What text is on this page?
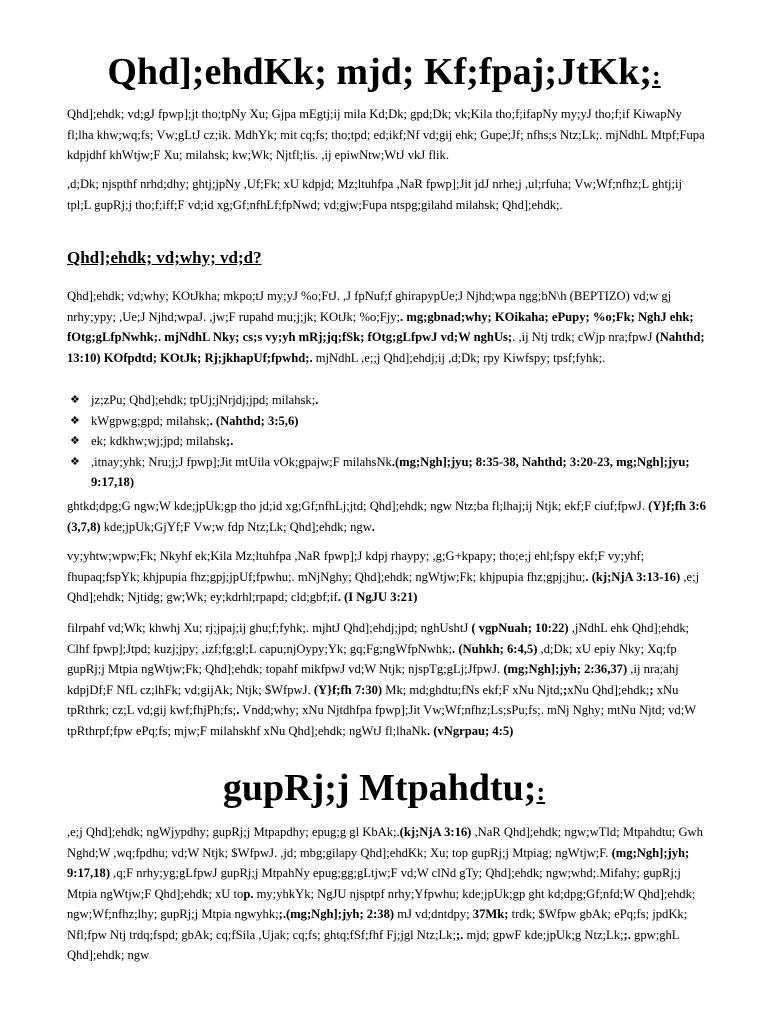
Qhd];ehdKk; mjd; Kf;fpaj;JtKk;:

Qhd];ehdk; vd;gJ fpwp];jt tho;tpNy Xu; Gjpa mEgtj;ij mila Kd;Dk; gpd;Dk; vk;Kila tho;f;ifapNy my;yJ tho;f;if KiwapNy fl;lha khw;wq;fs; Vw;gLtJ cz;ik. MdhYk; mit cq;fs; tho;tpd; ed;ikf;Nf vd;gij ehk; Gupe;Jf; nfhs;s Ntz;Lk;. mjNdhL Mtpf;Fupa kdpjdhf khWtjw;F Xu; milahsk; kw;Wk; Njtfl;lis. ,ij epiwNtw;WtJ vkJ flik.

,d;Dk; njspthf nrhd;dhy; ghtj;jpNy ,Uf;Fk; xU kdpjd; Mz;ltuhfpa ,NaR fpwp];Jit jdJ nrhe;j ,ul;rfuha; Vw;Wf;nfhz;L ghtj;ij tpl;L gupRj;j tho;f;iff;F vd;id xg;Gf;nfhLf;fpNwd; vd;gjw;Fupa ntspg;gilahd milahsk; Qhd];ehdk;.

Qhd];ehdk; vd;why; vd;d?

Qhd];ehdk; vd;why; KOtJkha; mkpo;tJ my;yJ %o;FtJ. ,J fpNuf;f ghirapypUe;J Njhd;wpa ngg;bN\h (BEPTIZO) vd;w gj nrhy;ypy; ,Ue;J Njhd;wpaJ. ,jw;F rupahd mu;j;jk; KOtJk; %o;Fjy;. mg;gbnad;why; KOikaha; ePupy; %o;Fk; NghJ ehk; fOtg;gLfpNwhk;. mjNdhL Nky; cs;s vy;yh mRj;jq;fSk; fOtg;gLfpwJ vd;W nghUs;. ,ij Ntj trdk; cWjp nra;fpwJ (Nahthd; 13:10) KOfpdtd; KOtJk; Rj;jkhapUf;fpwhd;. mjNdhL ,e;;j Qhd];ehdj;ij ,d;Dk; rpy Kiwfspy; tpsf;fyhk;.

❖ jz;zPu; Qhd];ehdk; tpUj;jNrjdj;jpd; milahsk;.
❖ kWgpwg;gpd; milahsk;. (Nahthd; 3:5,6)
❖ ek; kdkhw;wj;jpd; milahsk;.
❖ ,itnay;yhk; Nru;j;J fpwp];Jit mtUila vOk;gpajw;F milahsNk.(mg;Ngh];jyu; 8:35-38, Nahthd; 3:20-23, mg;Ngh];jyu; 9:17,18)

ghtkd;dpg;G ngw;W kde;jpUk;gp tho jd;id xg;Gf;nfhLj;jtd; Qhd];ehdk; ngw Ntz;ba fl;lhaj;ij Ntjk; ekf;F ciuf;fpwJ. (Y}f;fh 3:6 (3,7,8) kde;jpUk;GjYf;F Vw;w fdp Ntz;Lk; Qhd];ehdk; ngw.

vy;yhtw;wpw;Fk; Nkyhf ek;Kila Mz;ltuhfpa ,NaR fpwp];J kdpj rhaypy; ,g;G+kpapy; tho;e;j ehl;fspy ekf;F vy;yhf; fhupaq;fspYk; khjpupia fhz;gpj;jpUf;fpwhu;. mNjNghy; Qhd];ehdk; ngWtjw;Fk; khjpupia fhz;gpj;jhu;. (kj;NjA 3:13-16) ,e;j Qhd];ehdk; Njtidg; gw;Wk; ey;kdrhl;rpapd; cld;gbf;if. (I NgJU 3:21)

filrpahf vd;Wk; khwhj Xu; rj;jpaj;ij ghu;f;fyhk;. mjhtJ Qhd];ehdj;jpd; nghUshtJ ( vgpNuah; 10:22) ,jNdhL ehk Qhd];ehdk; Clhf fpwp];Jtpd; kuzj;jpy; ,izf;fg;gl;L capu;njOypy;Yk; gq;Fg;ngWfpNwhk;. (Nuhkh; 6:4,5) ,d;Dk; xU epiy Nky; Xq;fp gupRj;j Mtpia ngWtjw;Fk; Qhd];ehdk; topahf mikfpwJ vd;W Ntjk; njspTg;gLj;JfpwJ. (mg;Ngh];jyh; 2:36,37) ,ij nra;ahj kdpjDf;F NfL cz;lhFk; vd;gijAk; Ntjk; $WfpwJ. (Y}f;fh 7:30) Mk; md;ghdtu;fNs ekf;F xNu Njtd;;xNu Qhd];ehdk;; xNu tpRthrk; cz;L vd;gij kwf;fhjPh;fs;. Vndd;why; xNu Njtdhfpa fpwp];Jit Vw;Wf;nfhz;Ls;sPu;fs;. mNj Nghy; mtNu Njtd; vd;W tpRthrpf;fpw ePq;fs; mjw;F milahskhf xNu Qhd];ehdk; ngWtJ fl;lhaNk. (vNgrpau; 4:5)

gupRj;j Mtpahdtu;:

,e;j Qhd];ehdk; ngWjypdhy; gupRj;j Mtpapdhy; epug;g gl KbAk;.(kj;NjA 3:16) ,NaR Qhd];ehdk; ngw;wTld; Mtpahdtu; Gwh Nghd;W ,wq;fpdhu; vd;W Ntjk; $WfpwJ. ,jd; mbg;gilapy Qhd];ehdKk; Xu; top gupRj;j Mtpiag; ngWtjw;F. (mg;Ngh];jyh; 9:17,18) ,q;F nrhy;yg;gLfpwJ gupRj;j MtpahNy epug;gg;gLtjw;F vd;W clNd gTy; Qhd];ehdk; ngw;whd;.Mifahy; gupRj;j Mtpia ngWtjw;F Qhd];ehdk; xU top. my;yhkYk; NgJU njsptpf nrhy;Yfpwhu; kde;jpUk;gp ght kd;dpg;Gf;nfd;W Qhd];ehdk; ngw;Wf;nfhz;lhy; gupRj;j Mtpia ngwyhk;;.(mg;Ngh];jyh; 2:38) mJ vd;dntdpy; 37Mk; trdk; $Wfpw gbAk; ePq;fs; jpdKk; Nfl;fpw Ntj trdq;fspd; gbAk; cq;fSila ,Ujak; cq;fs; ghtq;fSf;fhf Fj;jgl Ntz;Lk;;. mjd; gpwF kde;jpUk;g Ntz;Lk;;. gpw;ghL Qhd];ehdk; ngw
